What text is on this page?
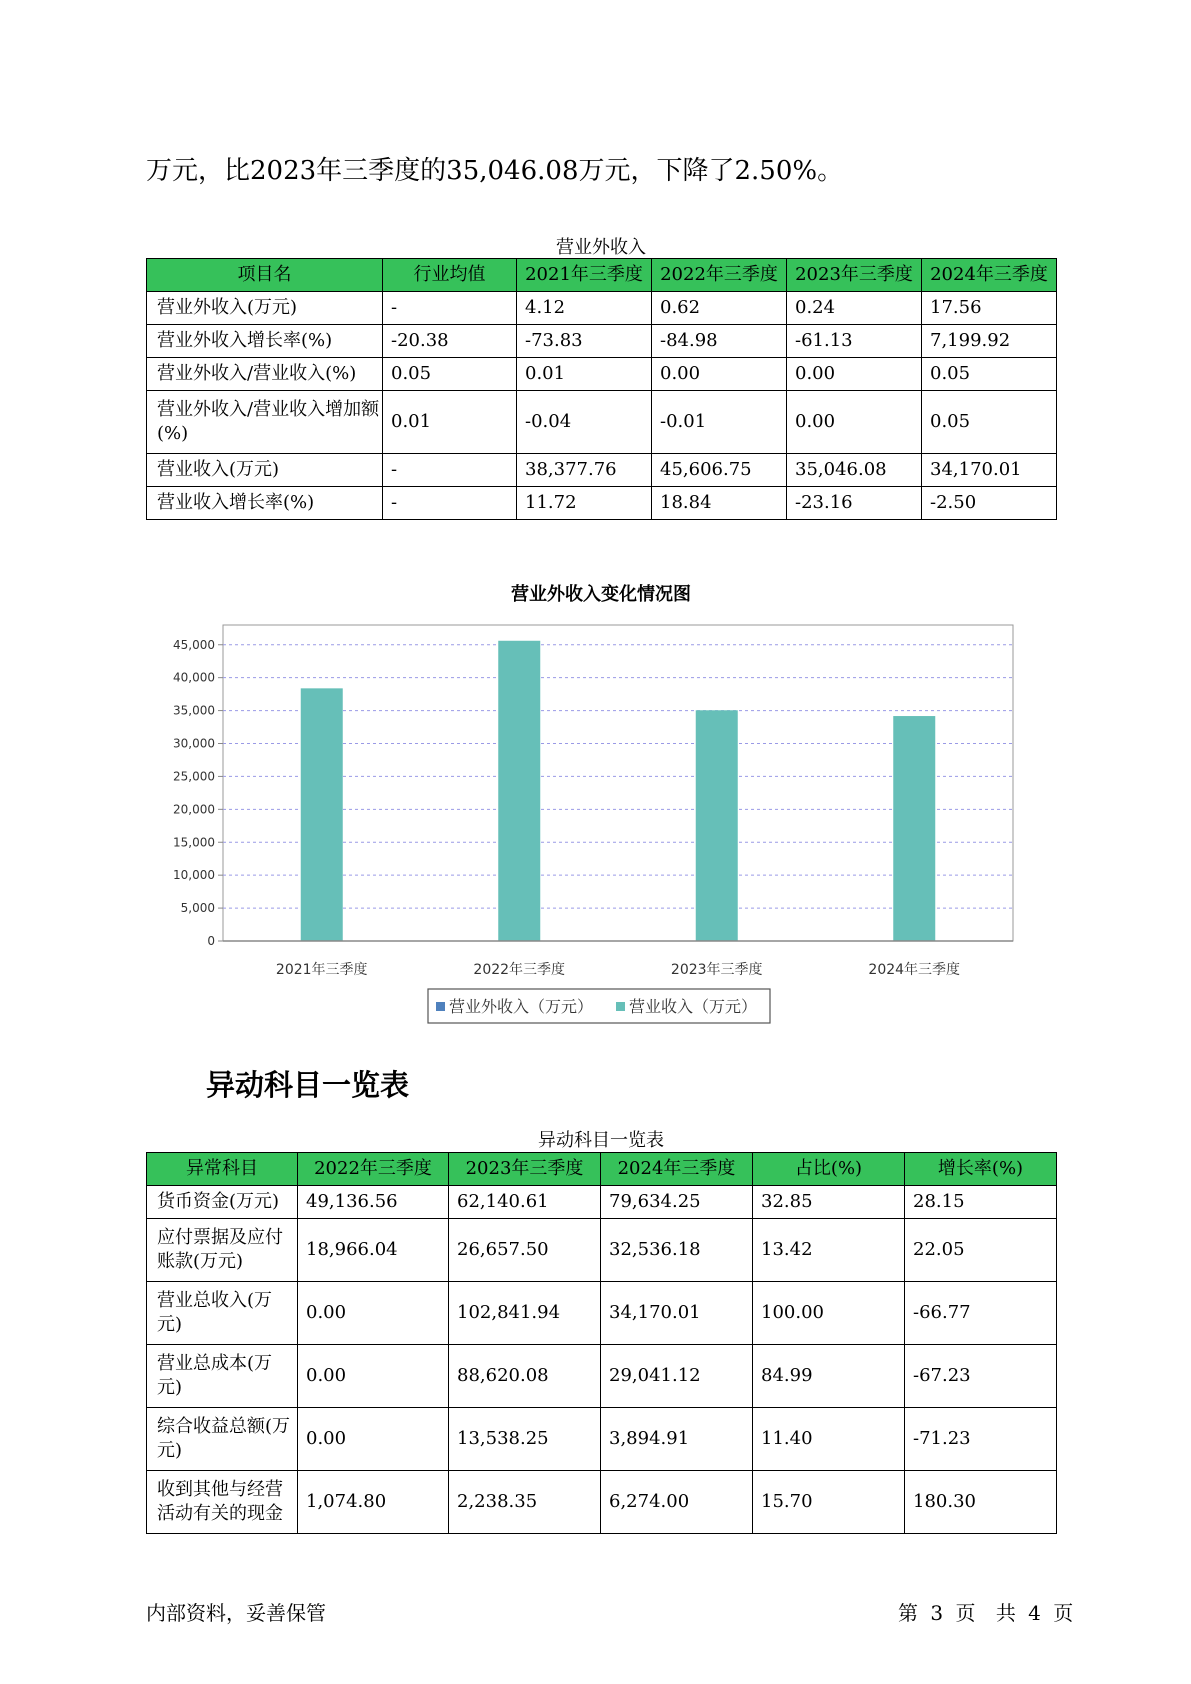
万元，比2023年三季度的35,046.08万元，下降了2.50%。
营业外收入
项目名	行业均值	2021年三季度	2022年三季度	2023年三季度	2024年三季度
营业外收入(万元)	-	4.12	0.62	0.24	17.56
营业外收入增长率(%)	-20.38	-73.83	-84.98	-61.13	7,199.92
营业外收入/营业收入(%)	0.05	0.01	0.00	0.00	0.05
营业外收入/营业收入增加额(%)	0.01	-0.04	-0.01	0.00	0.05
营业收入(万元)	-	38,377.76	45,606.75	35,046.08	34,170.01
营业收入增长率(%)	-	11.72	18.84	-23.16	-2.50
营业外收入变化情况图
0
5,000
10,000
15,000
20,000
25,000
30,000
35,000
40,000
45,000
2021年三季度	2022年三季度	2023年三季度	2024年三季度
营业外收入（万元） 营业收入（万元）
异动科目一览表
异动科目一览表
异常科目	2022年三季度	2023年三季度	2024年三季度	占比(%)	增长率(%)
货币资金(万元)	49,136.56	62,140.61	79,634.25	32.85	28.15
应付票据及应付账款(万元)	18,966.04	26,657.50	32,536.18	13.42	22.05
营业总收入(万元)	0.00	102,841.94	34,170.01	100.00	-66.77
营业总成本(万元)	0.00	88,620.08	29,041.12	84.99	-67.23
综合收益总额(万元)	0.00	13,538.25	3,894.91	11.40	-71.23
收到其他与经营活动有关的现金	1,074.80	2,238.35	6,274.00	15.70	180.30
内部资料，妥善保管	第 3 页 共 4 页
